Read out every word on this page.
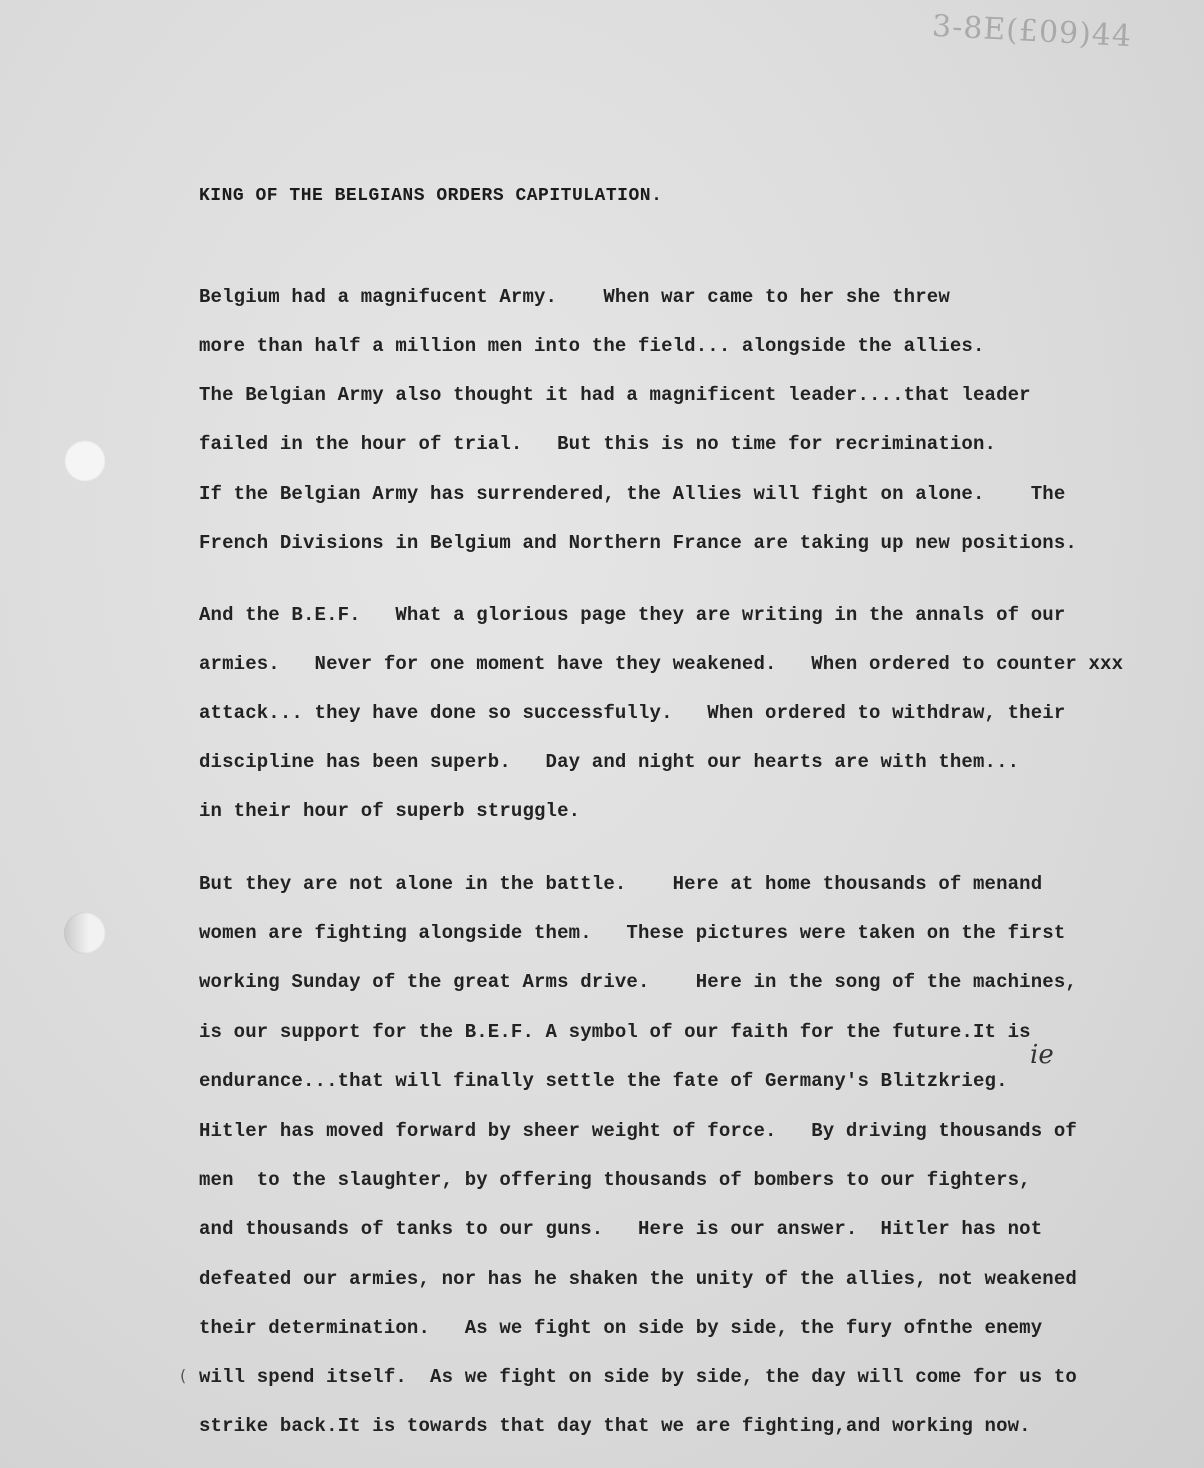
3-8E(£09)44
KING OF THE BELGIANS ORDERS CAPITULATION.
Belgium had a magnifucent Army.    When war came to her she threw
more than half a million men into the field... alongside the allies.
The Belgian Army also thought it had a magnificent leader....that leader
failed in the hour of trial.   But this is no time for recrimination.
If the Belgian Army has surrendered, the Allies will fight on alone.    The
French Divisions in Belgium and Northern France are taking up new positions.
And the B.E.F.   What a glorious page they are writing in the annals of our
armies.   Never for one moment have they weakened.   When ordered to counter xxx
attack... they have done so successfully.   When ordered to withdraw, their
discipline has been superb.   Day and night our hearts are with them...
in their hour of superb struggle.
But they are not alone in the battle.    Here at home thousands of menand
women are fighting alongside them.   These pictures were taken on the first
working Sunday of the great Arms drive.    Here in the song of the machines,
is our support for the B.E.F. A symbol of our faith for the future.It is
endurance...that will finally settle the fate of Germany's Blitzkrieg.
Hitler has moved forward by sheer weight of force.   By driving thousands of
men  to the slaughter, by offering thousands of bombers to our fighters,
and thousands of tanks to our guns.   Here is our answer.  Hitler has not
defeated our armies, nor has he shaken the unity of the allies, not weakened
their determination.   As we fight on side by side, the fury ofnthe enemy
will spend itself.  As we fight on side by side, the day will come for us to
strike back.It is towards that day that we are fighting,and working now.
ie
(
